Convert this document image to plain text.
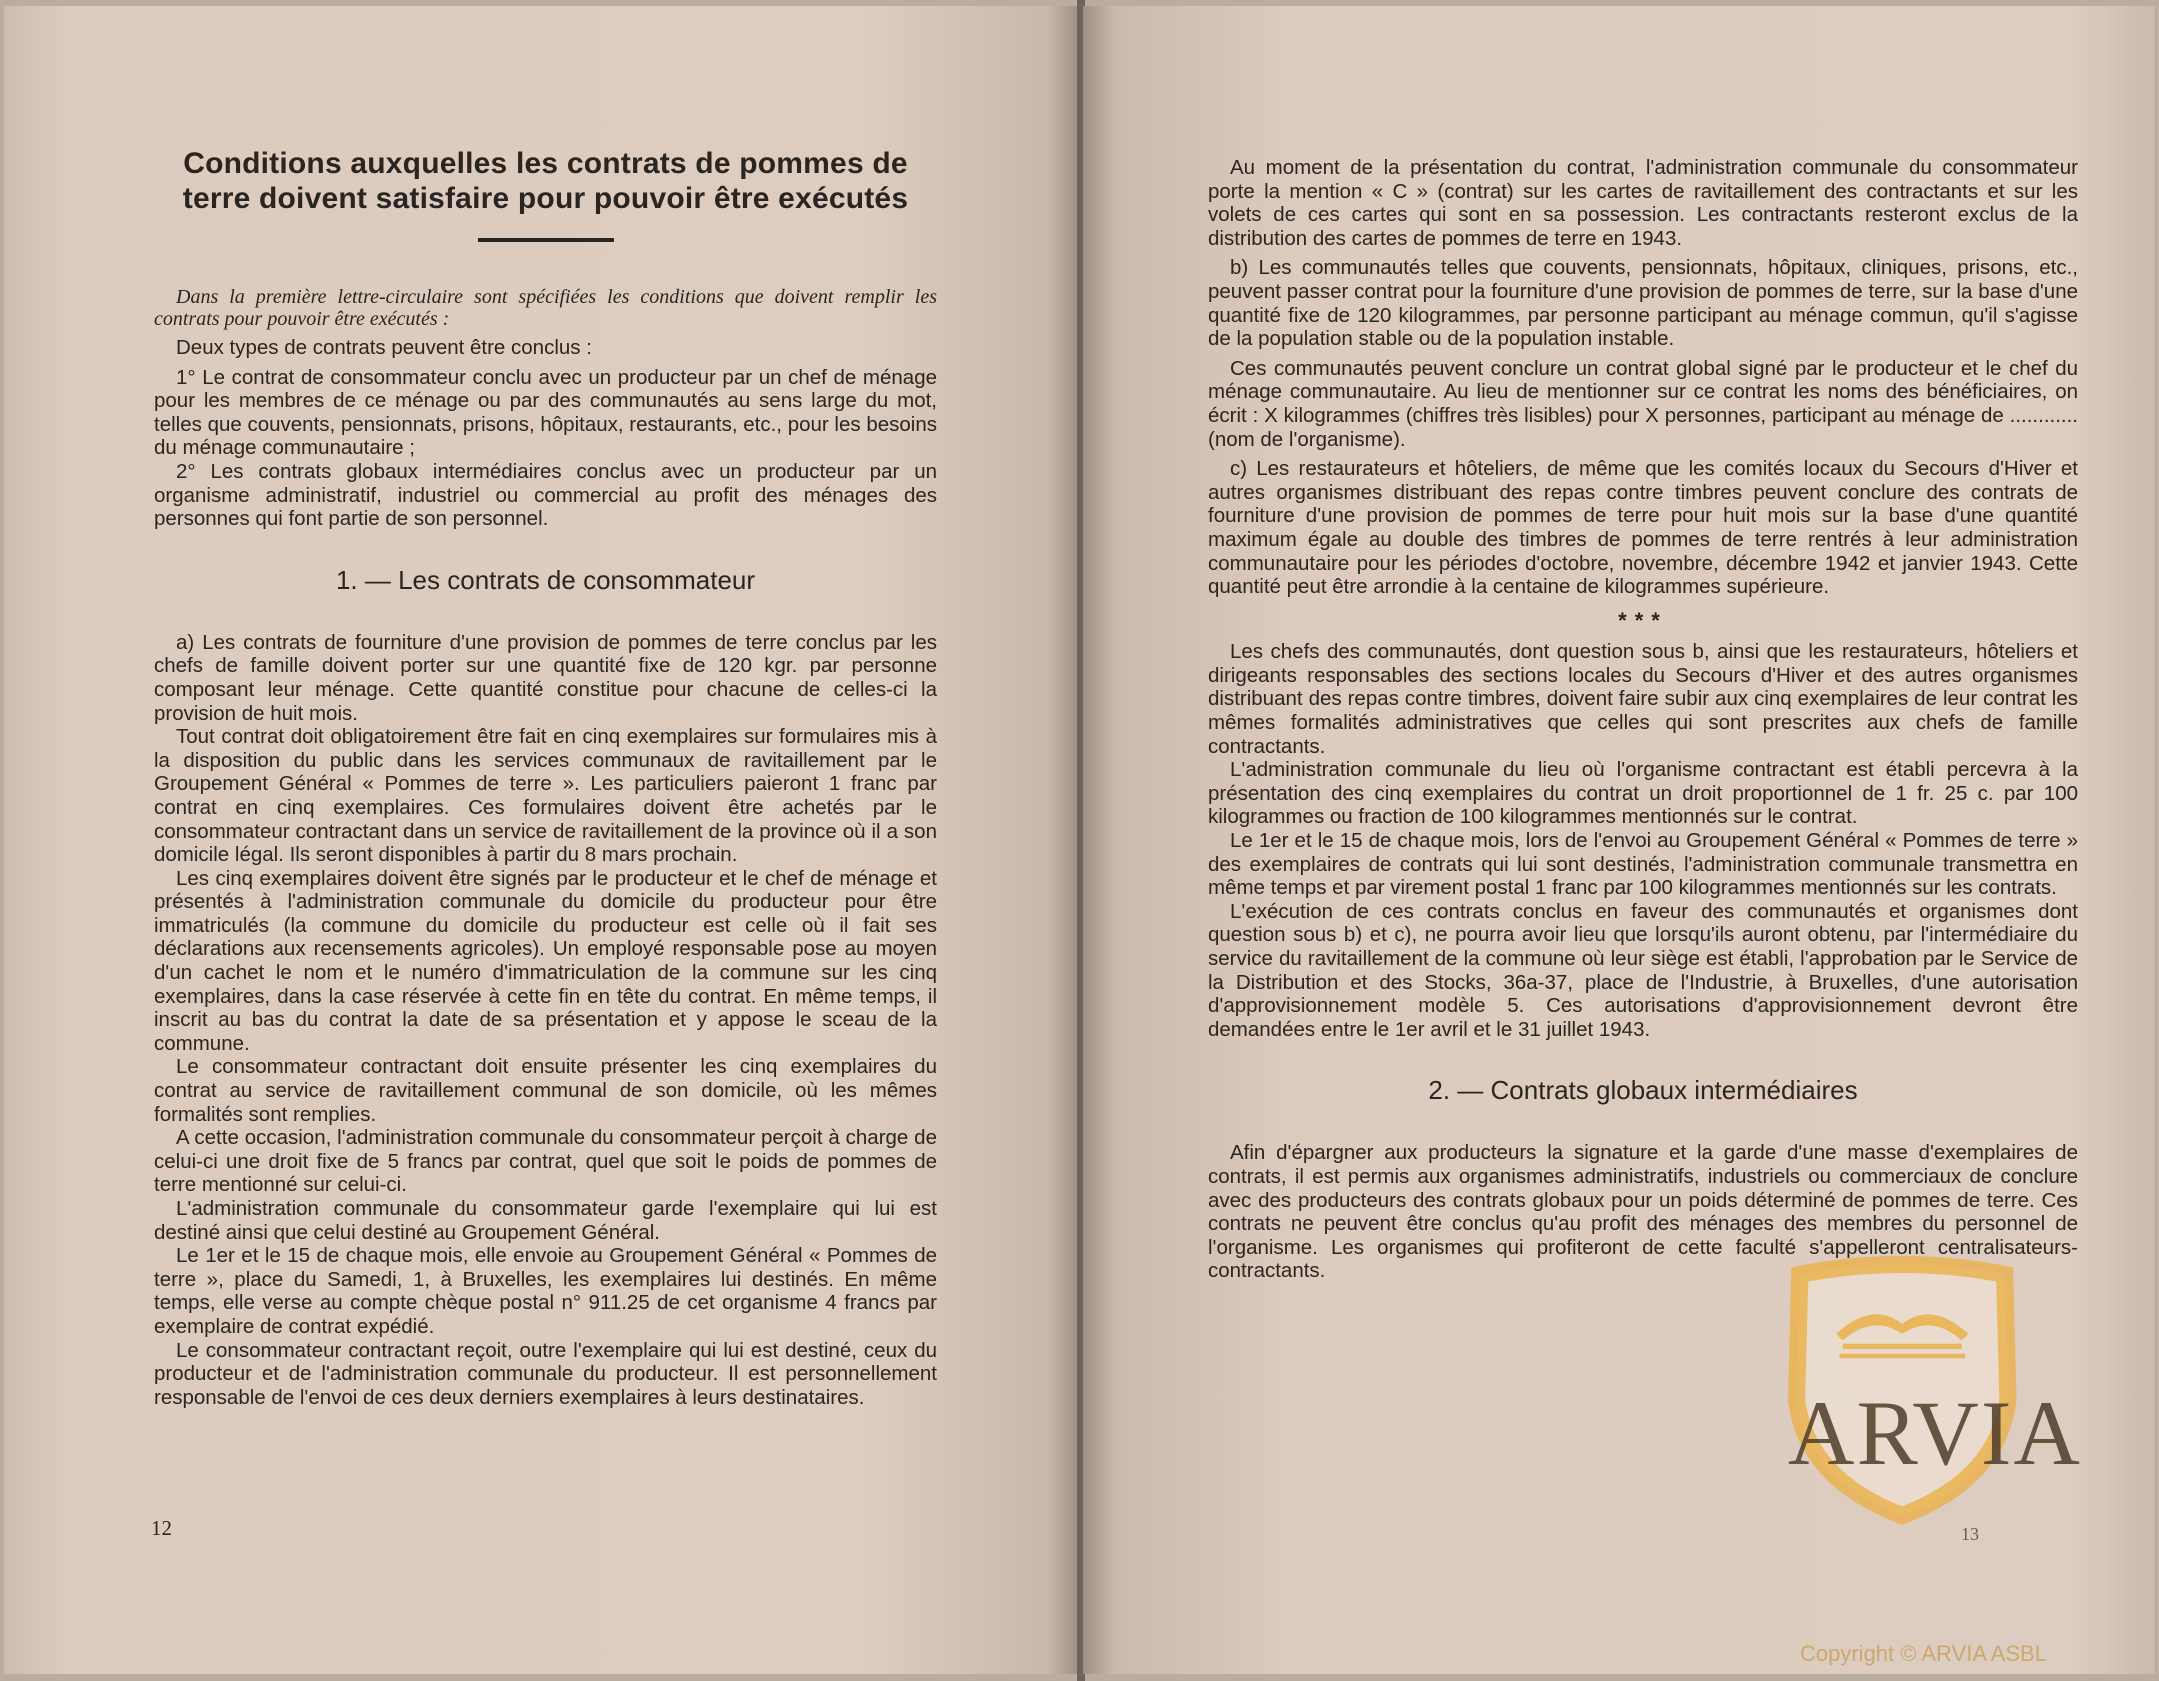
Conditions auxquelles les contrats de pommes de terre doivent satisfaire pour pouvoir être exécutés
Dans la première lettre-circulaire sont spécifiées les conditions que doivent remplir les contrats pour pouvoir être exécutés :

Deux types de contrats peuvent être conclus :

1° Le contrat de consommateur conclu avec un producteur par un chef de ménage pour les membres de ce ménage ou par des communautés au sens large du mot, telles que couvents, pensionnats, prisons, hôpitaux, restaurants, etc., pour les besoins du ménage communautaire ;

2° Les contrats globaux intermédiaires conclus avec un producteur par un organisme administratif, industriel ou commercial au profit des ménages des personnes qui font partie de son personnel.

1. — Les contrats de consommateur

a) Les contrats de fourniture d'une provision de pommes de terre conclus par les chefs de famille doivent porter sur une quantité fixe de 120 kgr. par personne composant leur ménage. Cette quantité constitue pour chacune de celles-ci la provision de huit mois.

Tout contrat doit obligatoirement être fait en cinq exemplaires sur formulaires mis à la disposition du public dans les services communaux de ravitaillement par le Groupement Général « Pommes de terre ». Les particuliers paieront 1 franc par contrat en cinq exemplaires. Ces formulaires doivent être achetés par le consommateur contractant dans un service de ravitaillement de la province où il a son domicile légal. Ils seront disponibles à partir du 8 mars prochain.

Les cinq exemplaires doivent être signés par le producteur et le chef de ménage et présentés à l'administration communale du domicile du producteur pour être immatriculés (la commune du domicile du producteur est celle où il fait ses déclarations aux recensements agricoles). Un employé responsable pose au moyen d'un cachet le nom et le numéro d'immatriculation de la commune sur les cinq exemplaires, dans la case réservée à cette fin en tête du contrat. En même temps, il inscrit au bas du contrat la date de sa présentation et y appose le sceau de la commune.

Le consommateur contractant doit ensuite présenter les cinq exemplaires du contrat au service de ravitaillement communal de son domicile, où les mêmes formalités sont remplies.

A cette occasion, l'administration communale du consommateur perçoit à charge de celui-ci une droit fixe de 5 francs par contrat, quel que soit le poids de pommes de terre mentionné sur celui-ci.

L'administration communale du consommateur garde l'exemplaire qui lui est destiné ainsi que celui destiné au Groupement Général.

Le 1er et le 15 de chaque mois, elle envoie au Groupement Général « Pommes de terre », place du Samedi, 1, à Bruxelles, les exemplaires lui destinés. En même temps, elle verse au compte chèque postal n° 911.25 de cet organisme 4 francs par exemplaire de contrat expédié.

Le consommateur contractant reçoit, outre l'exemplaire qui lui est destiné, ceux du producteur et de l'administration communale du producteur. Il est personnellement responsable de l'envoi de ces deux derniers exemplaires à leurs destinataires.

12

Au moment de la présentation du contrat, l'administration communale du consommateur porte la mention « C » (contrat) sur les cartes de ravitaillement des contractants et sur les volets de ces cartes qui sont en sa possession. Les contractants resteront exclus de la distribution des cartes de pommes de terre en 1943.

b) Les communautés telles que couvents, pensionnats, hôpitaux, cliniques, prisons, etc., peuvent passer contrat pour la fourniture d'une provision de pommes de terre, sur la base d'une quantité fixe de 120 kilogrammes, par personne participant au ménage commun, qu'il s'agisse de la population stable ou de la population instable.

Ces communautés peuvent conclure un contrat global signé par le producteur et le chef du ménage communautaire. Au lieu de mentionner sur ce contrat les noms des bénéficiaires, on écrit : X kilogrammes (chiffres très lisibles) pour X personnes, participant au ménage de ............ (nom de l'organisme).

c) Les restaurateurs et hôteliers, de même que les comités locaux du Secours d'Hiver et autres organismes distribuant des repas contre timbres peuvent conclure des contrats de fourniture d'une provision de pommes de terre pour huit mois sur la base d'une quantité maximum égale au double des timbres de pommes de terre rentrés à leur administration communautaire pour les périodes d'octobre, novembre, décembre 1942 et janvier 1943. Cette quantité peut être arrondie à la centaine de kilogrammes supérieure.

***

Les chefs des communautés, dont question sous b, ainsi que les restaurateurs, hôteliers et dirigeants responsables des sections locales du Secours d'Hiver et des autres organismes distribuant des repas contre timbres, doivent faire subir aux cinq exemplaires de leur contrat les mêmes formalités administratives que celles qui sont prescrites aux chefs de famille contractants.

L'administration communale du lieu où l'organisme contractant est établi percevra à la présentation des cinq exemplaires du contrat un droit proportionnel de 1 fr. 25 c. par 100 kilogrammes ou fraction de 100 kilogrammes mentionnés sur le contrat.

Le 1er et le 15 de chaque mois, lors de l'envoi au Groupement Général « Pommes de terre » des exemplaires de contrats qui lui sont destinés, l'administration communale transmettra en même temps et par virement postal 1 franc par 100 kilogrammes mentionnés sur les contrats.

L'exécution de ces contrats conclus en faveur des communautés et organismes dont question sous b) et c), ne pourra avoir lieu que lorsqu'ils auront obtenu, par l'intermédiaire du service du ravitaillement de la commune où leur siège est établi, l'approbation par le Service de la Distribution et des Stocks, 36a-37, place de l'Industrie, à Bruxelles, d'une autorisation d'approvisionnement modèle 5. Ces autorisations d'approvisionnement devront être demandées entre le 1er avril et le 31 juillet 1943.

2. — Contrats globaux intermédiaires

Afin d'épargner aux producteurs la signature et la garde d'une masse d'exemplaires de contrats, il est permis aux organismes administratifs, industriels ou commerciaux de conclure avec des producteurs des contrats globaux pour un poids déterminé de pommes de terre. Ces contrats ne peuvent être conclus qu'au profit des ménages des membres du personnel de l'organisme. Les organismes qui profiteront de cette faculté s'appelleront centralisateurs-contractants.

13
ARVIA
Copyright © ARVIA ASBL
